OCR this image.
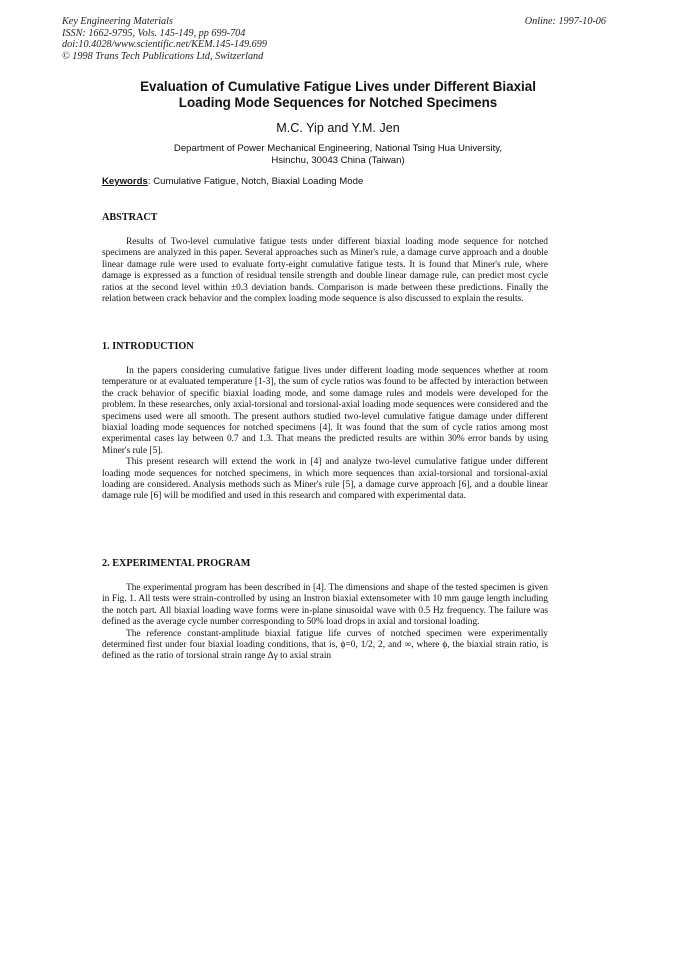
Key Engineering Materials
ISSN: 1662-9795, Vols. 145-149, pp 699-704
doi:10.4028/www.scientific.net/KEM.145-149.699
© 1998 Trans Tech Publications Ltd, Switzerland
Online: 1997-10-06
Evaluation of Cumulative Fatigue Lives under Different Biaxial
Loading Mode Sequences for Notched Specimens
M.C. Yip and Y.M. Jen
Department of Power Mechanical Engineering, National Tsing Hua University,
Hsinchu, 30043 China (Taiwan)
Keywords: Cumulative Fatigue, Notch, Biaxial Loading Mode
ABSTRACT

Results of Two-level cumulative fatigue tests under different biaxial loading mode sequence for notched specimens are analyzed in this paper. Several approaches such as Miner's rule, a damage curve approach and a double linear damage rule were used to evaluate forty-eight cumulative fatigue tests. It is found that Miner's rule, where damage is expressed as a function of residual tensile strength and double linear damage rule, can predict most cycle ratios at the second level within ±0.3 deviation bands. Comparison is made between these predictions. Finally the relation between crack behavior and the complex loading mode sequence is also discussed to explain the results.

1. INTRODUCTION

In the papers considering cumulative fatigue lives under different loading mode sequences whether at room temperature or at evaluated temperature [1-3], the sum of cycle ratios was found to be affected by interaction between the crack behavior of specific biaxial loading mode, and some damage rules and models were developed for the problem. In these researches, only axial-torsional and torsional-axial loading mode sequences were considered and the specimens used were all smooth. The present authors studied two-level cumulative fatigue damage under different biaxial loading mode sequences for notched specimens [4]. It was found that the sum of cycle ratios among most experimental cases lay between 0.7 and 1.3. That means the predicted results are within 30% error bands by using Miner's rule [5].

This present research will extend the work in [4] and analyze two-level cumulative fatigue under different loading mode sequences for notched specimens, in which more sequences than axial-torsional and torsional-axial loading are considered. Analysis methods such as Miner's rule [5], a damage curve approach [6], and a double linear damage rule [6] will be modified and used in this research and compared with experimental data.

2. EXPERIMENTAL PROGRAM

The experimental program has been described in [4]. The dimensions and shape of the tested specimen is given in Fig. 1. All tests were strain-controlled by using an Instron biaxial extensometer with 10 mm gauge length including the notch part. All biaxial loading wave forms were in-plane sinusoidal wave with 0.5 Hz frequency. The failure was defined as the average cycle number corresponding to 50% load drops in axial and torsional loading.

The reference constant-amplitude biaxial fatigue life curves of notched specimen were experimentally determined first under four biaxial loading conditions, that is, ϕ=0, 1/2, 2, and ∞, where ϕ, the biaxial strain ratio, is defined as the ratio of torsional strain range Δγ to axial strain
